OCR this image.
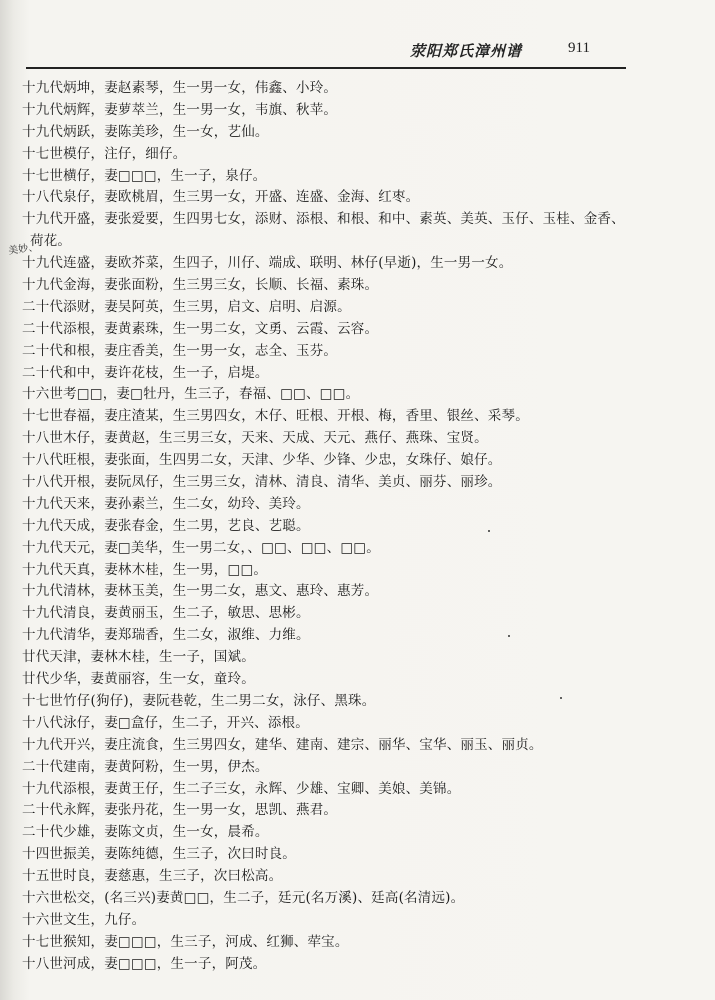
荥阳郑氏漳州谱	911
美妙、
十九代炳坤，妻赵素琴，生一男一女，伟鑫、小玲。
十九代炳辉，妻萝萃兰，生一男一女，韦旗、秋苹。
十九代炳跃，妻陈美珍，生一女，艺仙。
十七世模仔，注仔，细仔。
十七世横仔，妻□□□，生一子，泉仔。
十八代泉仔，妻欧桃眉，生三男一女，开盛、连盛、金海、红枣。
十九代开盛，妻张爱要，生四男七女，添财、添根、和根、和中、素英、美英、玉仔、玉桂、金香、
荷花。
十九代连盛，妻欧芥菜，生四子，川仔、端成、联明、林仔(早逝)，生一男一女。
十九代金海，妻张面粉，生三男三女，长顺、长福、素珠。
二十代添财，妻吴阿英，生三男，启文、启明、启源。
二十代添根，妻黄素珠，生一男二女，文勇、云霞、云容。
二十代和根，妻庄香美，生一男一女，志全、玉芬。
二十代和中，妻许花枝，生一子，启堤。
十六世考□□，妻□牡丹，生三子，春福、□□、□□。
十七世春福，妻庄渣某，生三男四女，木仔、旺根、开根、梅，香里、银丝、采琴。
十八世木仔，妻黄赵，生三男三女，天来、天成、天元、燕仔、燕珠、宝贤。
十八代旺根，妻张面，生四男二女，天津、少华、少锋、少忠，女珠仔、娘仔。
十八代开根，妻阮凤仔，生三男三女，清林、清良、清华、美贞、丽芬、丽珍。
十九代天来，妻孙素兰，生二女，幼玲、美玲。
十九代天成，妻张春金，生二男，艺良、艺聪。
十九代天元，妻□美华，生一男二女，、□□、□□、□□。
十九代天真，妻林木桂，生一男，□□。
十九代清林，妻林玉美，生一男二女，惠文、惠玲、惠芳。
十九代清良，妻黄丽玉，生二子，敏思、思彬。
十九代清华，妻郑瑞香，生二女，淑维、力维。
廿代天津，妻林木桂，生一子，国斌。
廿代少华，妻黄丽容，生一女，童玲。
十七世竹仔(狗仔)，妻阮巷乾，生二男二女，泳仔、黑珠。
十八代泳仔，妻□盒仔，生二子，开兴、添根。
十九代开兴，妻庄流食，生三男四女，建华、建南、建宗、丽华、宝华、丽玉、丽贞。
二十代建南，妻黄阿粉，生一男，伊杰。
十九代添根，妻黄王仔，生二子三女，永辉、少雄、宝卿、美娘、美锦。
二十代永辉，妻张丹花，生一男一女，思凯、燕君。
二十代少雄，妻陈文贞，生一女，晨希。
十四世振美，妻陈纯德，生三子，次曰时良。
十五世时良，妻慈惠，生三子，次曰松高。
十六世松交，(名三兴)妻黄□□，生二子，廷元(名万溪)、廷高(名清远)。
十六世文生，九仔。
十七世猴知，妻□□□，生三子，河成、红狮、荦宝。
十八世河成，妻□□□，生一子，阿茂。
